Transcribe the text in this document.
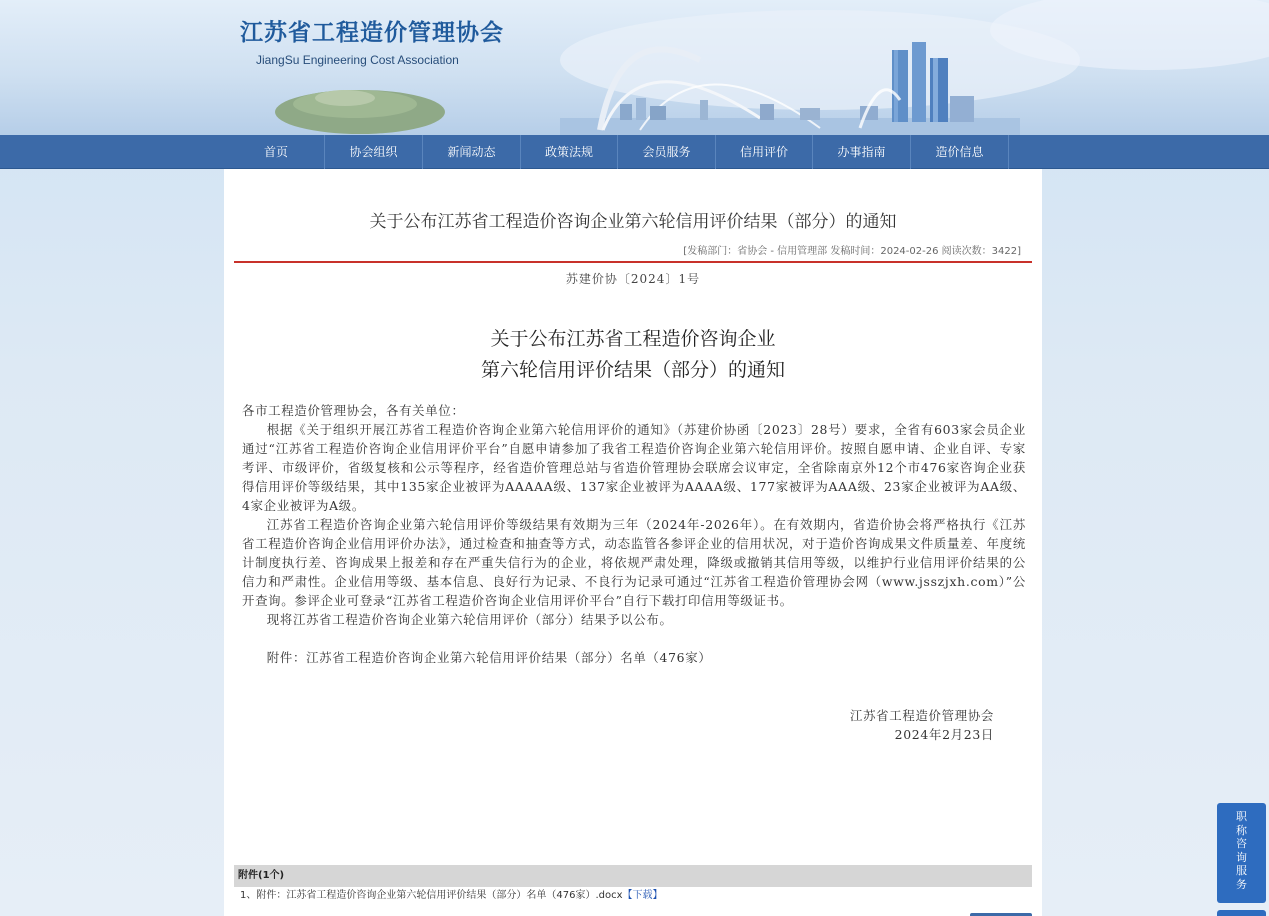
江苏省工程造价管理协会
JiangSu Engineering Cost Association
首页	协会组织	新闻动态	政策法规	会员服务	信用评价	办事指南	造价信息
关于公布江苏省工程造价咨询企业第六轮信用评价结果（部分）的通知
[发稿部门：省协会 - 信用管理部 发稿时间：2024-02-26 阅读次数：3422]
苏建价协〔2024〕1号
关于公布江苏省工程造价咨询企业
第六轮信用评价结果（部分）的通知

各市工程造价管理协会，各有关单位：

根据《关于组织开展江苏省工程造价咨询企业第六轮信用评价的通知》（苏建价协函〔2023〕28号）要求，全省有603家会员企业通过“江苏省工程造价咨询企业信用评价平台”自愿申请参加了我省工程造价咨询企业第六轮信用评价。按照自愿申请、企业自评、专家考评、市级评价，省级复核和公示等程序，经省造价管理总站与省造价管理协会联席会议审定，全省除南京外12个市476家咨询企业获得信用评价等级结果，其中135家企业被评为AAAAA级、137家企业被评为AAAA级、177家被评为AAA级、23家企业被评为AA级、4家企业被评为A级。

江苏省工程造价咨询企业第六轮信用评价等级结果有效期为三年（2024年-2026年）。在有效期内，省造价协会将严格执行《江苏省工程造价咨询企业信用评价办法》，通过检查和抽查等方式，动态监管各参评企业的信用状况，对于造价咨询成果文件质量差、年度统计制度执行差、咨询成果上报差和存在严重失信行为的企业，将依规严肃处理，降级或撤销其信用等级，以维护行业信用评价结果的公信力和严肃性。企业信用等级、基本信息、良好行为记录、不良行为记录可通过“江苏省工程造价管理协会网（www.jsszjxh.com）”公开查询。参评企业可登录“江苏省工程造价咨询企业信用评价平台”自行下载打印信用等级证书。

现将江苏省工程造价咨询企业第六轮信用评价（部分）结果予以公布。

附件：江苏省工程造价咨询企业第六轮信用评价结果（部分）名单（476家）

江苏省工程造价管理协会
2024年2月23日
附件(1个)
1、附件：江苏省工程造价咨询企业第六轮信用评价结果（部分）名单（476家）.docx【下载】
职
称
咨
询
服
务
